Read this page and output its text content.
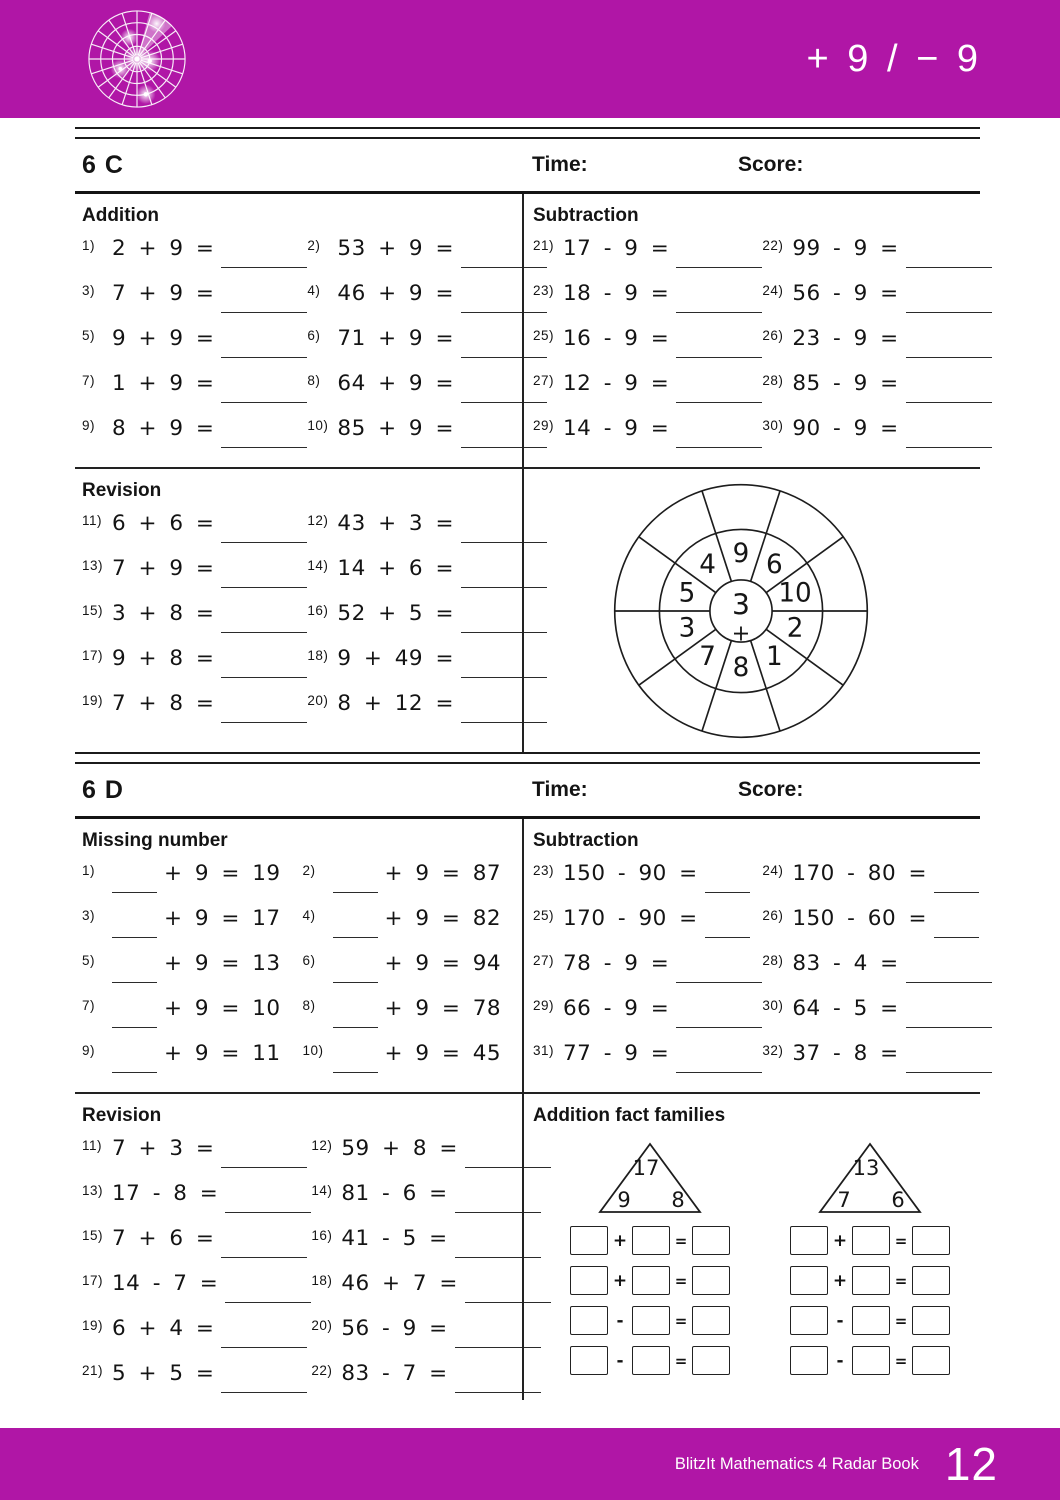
+ 9 / − 9
6 C	Time:	Score:
Addition
1) 2 + 9 =	2) 53 + 9 =
3) 7 + 9 =	4) 46 + 9 =
5) 9 + 9 =	6) 71 + 9 =
7) 1 + 9 =	8) 64 + 9 =
9) 8 + 9 =	10) 85 + 9 =
Subtraction
21) 17 - 9 =	22) 99 - 9 =
23) 18 - 9 =	24) 56 - 9 =
25) 16 - 9 =	26) 23 - 9 =
27) 12 - 9 =	28) 85 - 9 =
29) 14 - 9 =	30) 90 - 9 =
Revision
11) 6 + 6 =	12) 43 + 3 =
13) 7 + 9 =	14) 14 + 6 =
15) 3 + 8 =	16) 52 + 5 =
17) 9 + 8 =	18) 9 + 49 =
19) 7 + 8 =	20) 8 + 12 =
9 6
10
2
1
8
7
3
5
4
3
+
6 D	Time:	Score:
Missing number
1)	+ 9 = 19 2)	+ 9 = 87
3)	+ 9 = 17 4)	+ 9 = 82
5)	+ 9 = 13 6)	+ 9 = 94
7)	+ 9 = 10 8)	+ 9 = 78
9)	+ 9 = 11 10)	+ 9 = 45
Subtraction
23) 150 - 90 =	24) 170 - 80 =
25) 170 - 90 =	26) 150 - 60 =
27) 78 - 9 =	28) 83 - 4 =
29) 66 - 9 =	30) 64 - 5 =
31) 77 - 9 =	32) 37 - 8 =
Revision
11) 7 + 3 =	12) 59 + 8 =
13) 17 - 8 =	14) 81 - 6 =
15) 7 + 6 =	16) 41 - 5 =
17) 14 - 7 =	18) 46 + 7 =
19) 6 + 4 =	20) 56 - 9 =
21) 5 + 5 =	22) 83 - 7 =
Addition fact families
17
9 8
+	=
+	=
-	=
-	=
13
7 6
+	=
+	=
-	=
-	=
BlitzIt Mathematics 4 Radar Book 12
